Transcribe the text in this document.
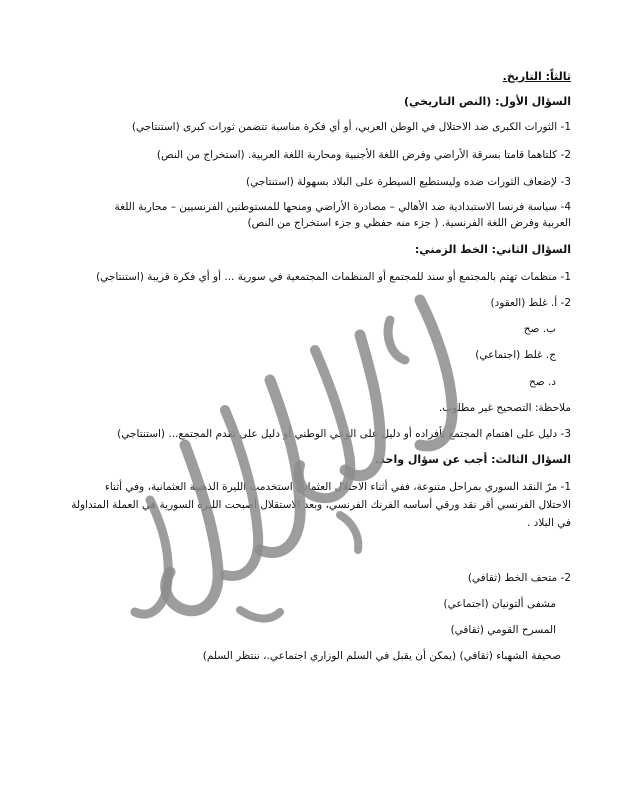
ثالثاً: التاريخ.
السؤال الأول: (النص التاريخي)
1- الثورات الكبرى ضد الاحتلال في الوطن العربي، أو أي فكرة مناسبة تتضمن ثورات كبرى (استنتاجي)
2- كلتاهما قامتا بسرقة الأراضي وفرض اللغة الأجنبية ومحاربة اللغة العربية. (استخراج من النص)
3- لإضعاف الثورات ضده وليستطيع السيطرة على البلاد بسهولة (استنتاجي)
4- سياسة فرنسا الاستبدادية ضد الأهالي – مصادرة الأراضي ومنحها للمستوطنين الفرنسيين – محاربة اللغة
العربية وفرض اللغة الفرنسية. ( جزء منه حفظي و جزء استخراج من النص)
السؤال الثاني: الخط الزمني:
1- منظمات تهتم بالمجتمع أو سند للمجتمع أو المنظمات المجتمعية في سورية ... أو أي فكرة قريبة (استنتاجي)
2- أ. غلط (العقود)
ب. صح
ج. غلط (اجتماعي)
د. صح
ملاحظة: التصحيح غير مطلوب.
3- دليل على اهتمام المجتمع بأفراده أو دليل على الوعي الوطني أو دليل على تقدم المجتمع... (استنتاجي)
السؤال الثالث: أجب عن سؤال واحد.
1- مرّ النقد السوري بمراحل متنوعة، ففي أثناء الاحتلال العثماني استخدمت الليرة الذهبية العثمانية، وفي أثناء
الاحتلال الفرنسي أقر نقد ورقي أساسه الفرنك الفرنسي، وبعد الاستقلال أصبحت الليرة السورية هي العملة المتداولة
في البلاد .
2- متحف الخط (ثقافي)
مشفى ألتونيان (اجتماعي)
المسرح القومي (ثقافي)
صحيفة الشهباء (ثقافي) (يمكن أن يقبل في السلم الوزاري اجتماعي.، ننتظر السلم)
